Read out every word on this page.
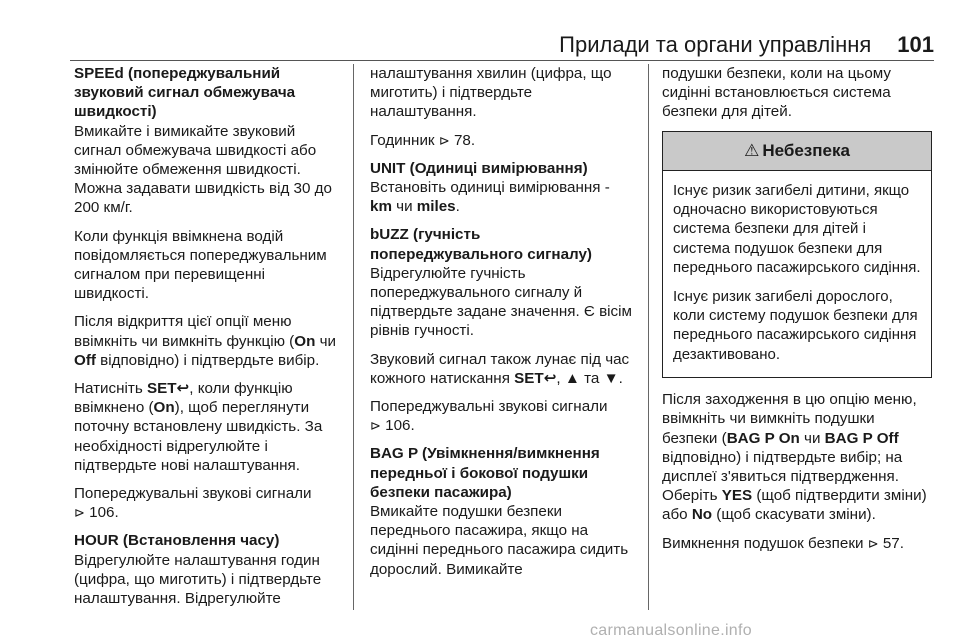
Прилади та органи управління 101

SPEEd (попереджувальний звуковий сигнал обмежувача швидкості)

Вмикайте і вимикайте звуковий сигнал обмежувача швидкості або змінюйте обмеження швидкості. Можна задавати швидкість від 30 до 200 км/г.

Коли функція ввімкнена водій повідомляється попереджувальним сигналом при перевищенні швидкості.

Після відкриття цієї опції меню ввімкніть чи вимкніть функцію (On чи Off відповідно) і підтвердьте вибір.

Натисніть SET↩, коли функцію ввімкнено (On), щоб переглянути поточну встановлену швидкість. За необхідності відрегулюйте і підтвердьте нові налаштування.

Попереджувальні звукові сигнали
⊳ 106.

HOUR (Встановлення часу)

Відрегулюйте налаштування годин (цифра, що миготить) і підтвердьте налаштування. Відрегулюйте

налаштування хвилин (цифра, що миготить) і підтвердьте налаштування.

Годинник ⊳ 78.

UNIT (Одиниці вимірювання)

Встановіть одиниці вимірювання - km чи miles.

bUZZ (гучність попереджувального сигналу)

Відрегулюйте гучність попереджувального сигналу й підтвердьте задане значення. Є вісім рівнів гучності.

Звуковий сигнал також лунає під час кожного натискання SET↩, ▲ та ▼.

Попереджувальні звукові сигнали
⊳ 106.

BAG P (Увімкнення/вимкнення передньої і бокової подушки безпеки пасажира)

Вмикайте подушки безпеки переднього пасажира, якщо на сидінні переднього пасажира сидить дорослий. Вимикайте

подушки безпеки, коли на цьому сидінні встановлюється система безпеки для дітей.

⚠ Небезпека

Існує ризик загибелі дитини, якщо одночасно використовуються система безпеки для дітей і система подушок безпеки для переднього пасажирського сидіння.

Існує ризик загибелі дорослого, коли систему подушок безпеки для переднього пасажирського сидіння дезактивовано.

Після заходження в цю опцію меню, ввімкніть чи вимкніть подушки безпеки (BAG P On чи BAG P Off відповідно) і підтвердьте вибір; на дисплеї з'явиться підтвердження. Оберіть YES (щоб підтвердити зміни) або No (щоб скасувати зміни).

Вимкнення подушок безпеки ⊳ 57.

carmanualsonline.info
